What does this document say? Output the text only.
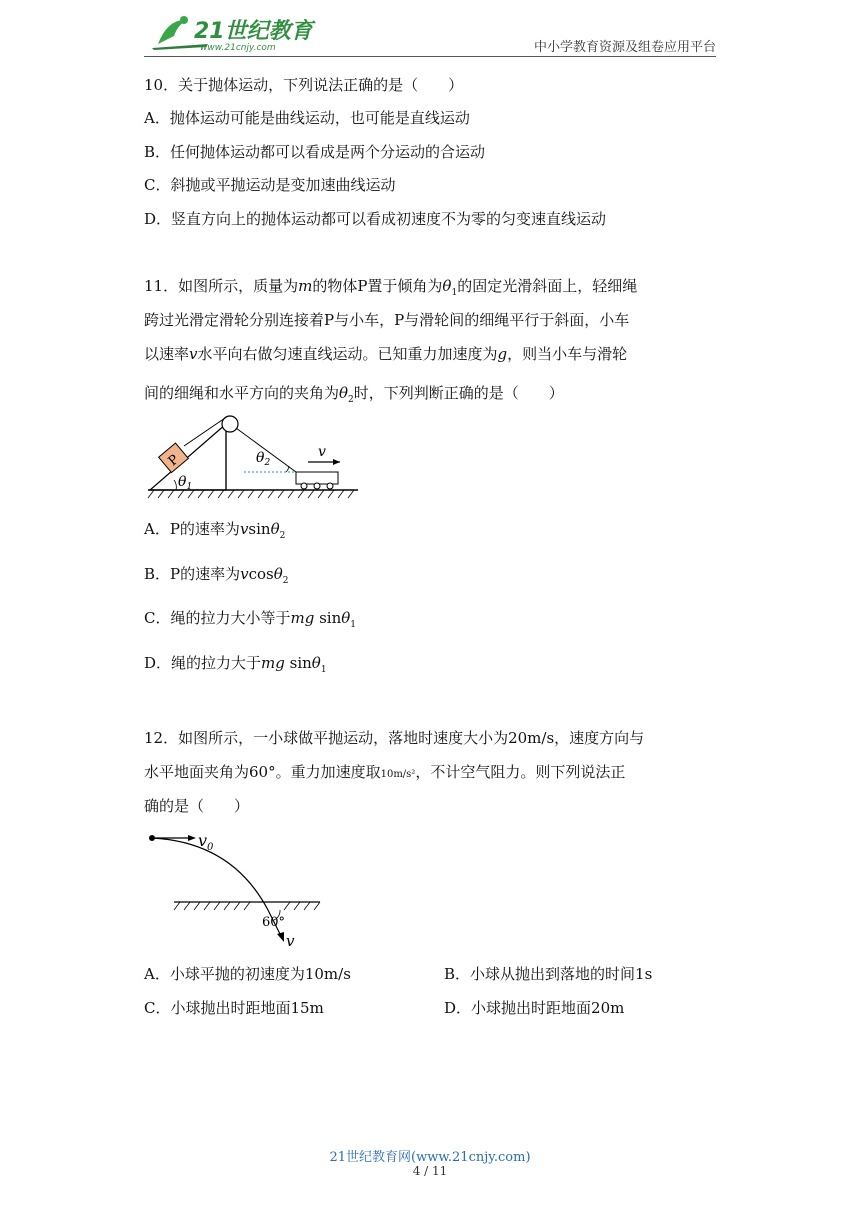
21世纪教育
www.21cnjy.com	中小学教育资源及组卷应用平台
10．关于抛体运动，下列说法正确的是（　　）
A．抛体运动可能是曲线运动，也可能是直线运动
B．任何抛体运动都可以看成是两个分运动的合运动
C．斜抛或平抛运动是变加速曲线运动
D．竖直方向上的抛体运动都可以看成初速度不为零的匀变速直线运动
11．如图所示，质量为m的物体P置于倾角为$\theta_1$的固定光滑斜面上，轻细绳
跨过光滑定滑轮分别连接着P与小车，P与滑轮间的细绳平行于斜面，小车
以速率v水平向右做匀速直线运动。已知重力加速度为g，则当小车与滑轮
间的细绳和水平方向的夹角为$\theta_2$时，下列判断正确的是（　　）
P
$\theta_1$
$\theta_2$
v
A．P的速率为vsinθ$_2$
B．P的速率为vcosθ$_2$
C．绳的拉力大小等于mg sinθ$_1$
D．绳的拉力大于mg sinθ$_1$
12．如图所示，一小球做平抛运动，落地时速度大小为20m/s，速度方向与
水平地面夹角为60°。重力加速度取10m/s²，不计空气阻力。则下列说法正
确的是（　　）
$v_0$
60°
v
A．小球平抛的初速度为10m/s	B．小球从抛出到落地的时间1s
C．小球抛出时距地面15m	D．小球抛出时距地面20m
21世纪教育网(www.21cnjy.com)
4 / 11
